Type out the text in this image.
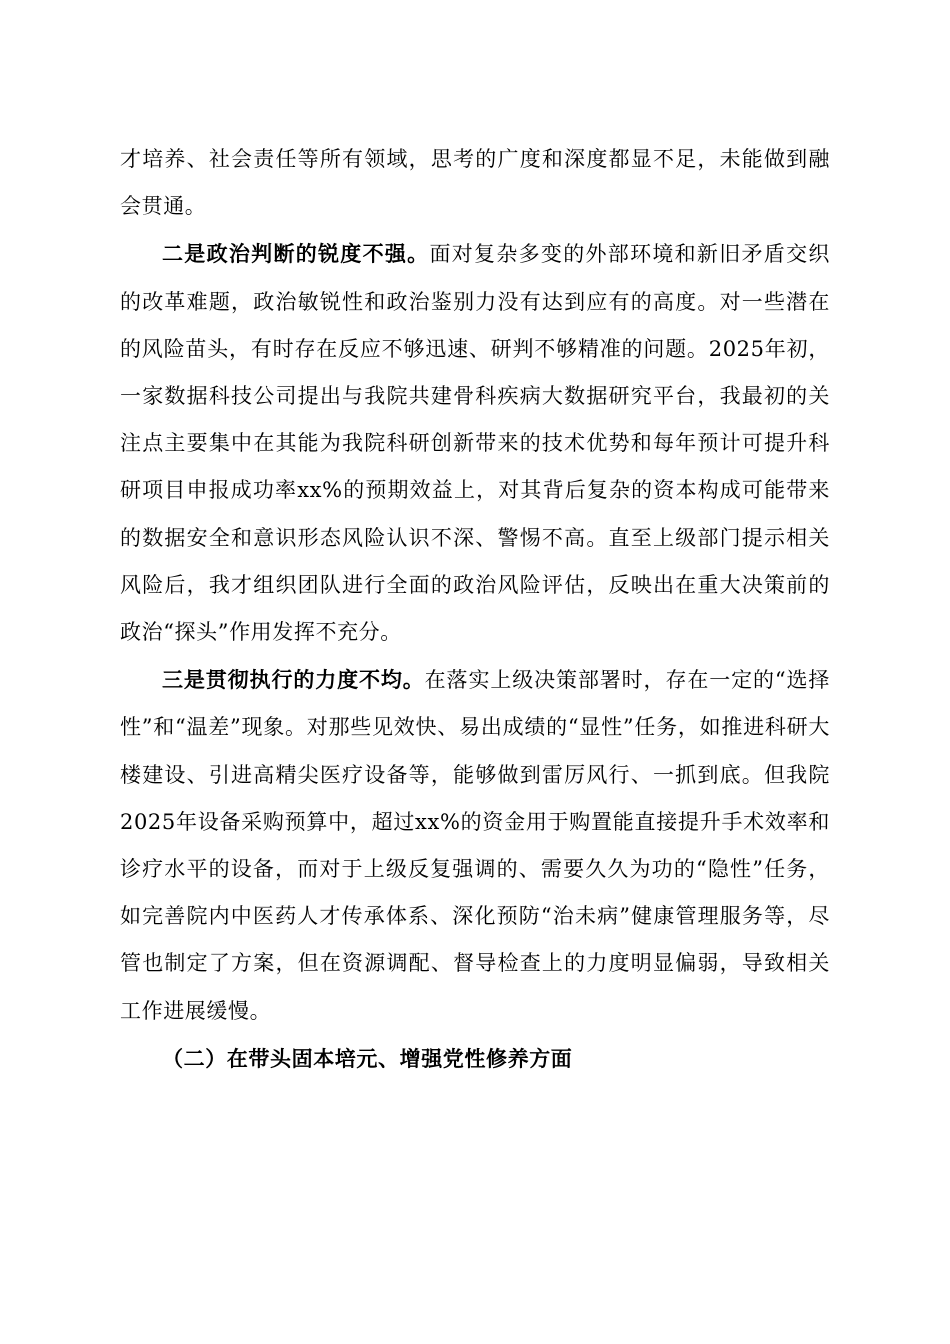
才培养、社会责任等所有领域，思考的广度和深度都显不足，未能做到融会贯通。

二是政治判断的锐度不强。面对复杂多变的外部环境和新旧矛盾交织的改革难题，政治敏锐性和政治鉴别力没有达到应有的高度。对一些潜在的风险苗头，有时存在反应不够迅速、研判不够精准的问题。2025年初，一家数据科技公司提出与我院共建骨科疾病大数据研究平台，我最初的关注点主要集中在其能为我院科研创新带来的技术优势和每年预计可提升科研项目申报成功率xx%的预期效益上，对其背后复杂的资本构成可能带来的数据安全和意识形态风险认识不深、警惕不高。直至上级部门提示相关风险后，我才组织团队进行全面的政治风险评估，反映出在重大决策前的政治“探头”作用发挥不充分。

三是贯彻执行的力度不均。在落实上级决策部署时，存在一定的“选择性”和“温差”现象。对那些见效快、易出成绩的“显性”任务，如推进科研大楼建设、引进高精尖医疗设备等，能够做到雷厉风行、一抓到底。但我院2025年设备采购预算中，超过xx%的资金用于购置能直接提升手术效率和诊疗水平的设备，而对于上级反复强调的、需要久久为功的“隐性”任务，如完善院内中医药人才传承体系、深化预防“治未病”健康管理服务等，尽管也制定了方案，但在资源调配、督导检查上的力度明显偏弱，导致相关工作进展缓慢。

（二）在带头固本培元、增强党性修养方面
